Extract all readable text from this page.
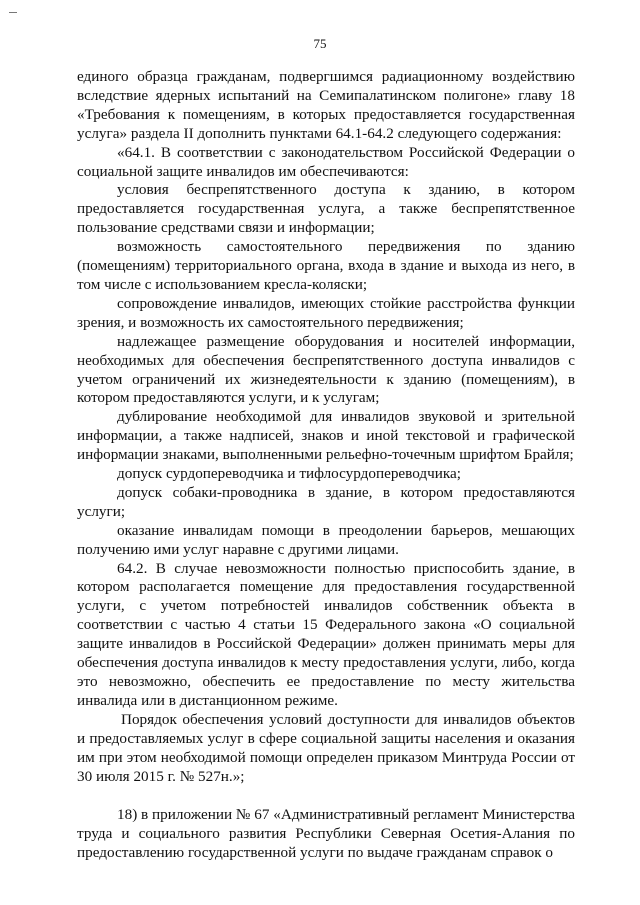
75

единого образца гражданам, подвергшимся радиационному воздействию вследствие ядерных испытаний на Семипалатинском полигоне» главу 18 «Требования к помещениям, в которых предоставляется государственная услуга» раздела II дополнить пунктами 64.1-64.2 следующего содержания:

«64.1. В соответствии с законодательством Российской Федерации о социальной защите инвалидов им обеспечиваются:

условия беспрепятственного доступа к зданию, в котором предоставляется государственная услуга, а также беспрепятственное пользование средствами связи и информации;

возможность самостоятельного передвижения по зданию (помещениям) территориального органа, входа в здание и выхода из него, в том числе с использованием кресла-коляски;

сопровождение инвалидов, имеющих стойкие расстройства функции зрения, и возможность их самостоятельного передвижения;

надлежащее размещение оборудования и носителей информации, необходимых для обеспечения беспрепятственного доступа инвалидов с учетом ограничений их жизнедеятельности к зданию (помещениям), в котором предоставляются услуги, и к услугам;

дублирование необходимой для инвалидов звуковой и зрительной информации, а также надписей, знаков и иной текстовой и графической информации знаками, выполненными рельефно-точечным шрифтом Брайля;

допуск сурдопереводчика и тифлосурдопереводчика;

допуск собаки-проводника в здание, в котором предоставляются услуги;

оказание инвалидам помощи в преодолении барьеров, мешающих получению ими услуг наравне с другими лицами.

64.2. В случае невозможности полностью приспособить здание, в котором располагается помещение для предоставления государственной услуги, с учетом потребностей инвалидов собственник объекта в соответствии с частью 4 статьи 15 Федерального закона «О социальной защите инвалидов в Российской Федерации» должен принимать меры для обеспечения доступа инвалидов к месту предоставления услуги, либо, когда это невозможно, обеспечить ее предоставление по месту жительства инвалида или в дистанционном режиме.

Порядок обеспечения условий доступности для инвалидов объектов и предоставляемых услуг в сфере социальной защиты населения и оказания им при этом необходимой помощи определен приказом Минтруда России от 30 июля 2015 г. № 527н.»;

18) в приложении № 67 «Административный регламент Министерства труда и социального развития Республики Северная Осетия-Алания по предоставлению государственной услуги по выдаче гражданам справок о
